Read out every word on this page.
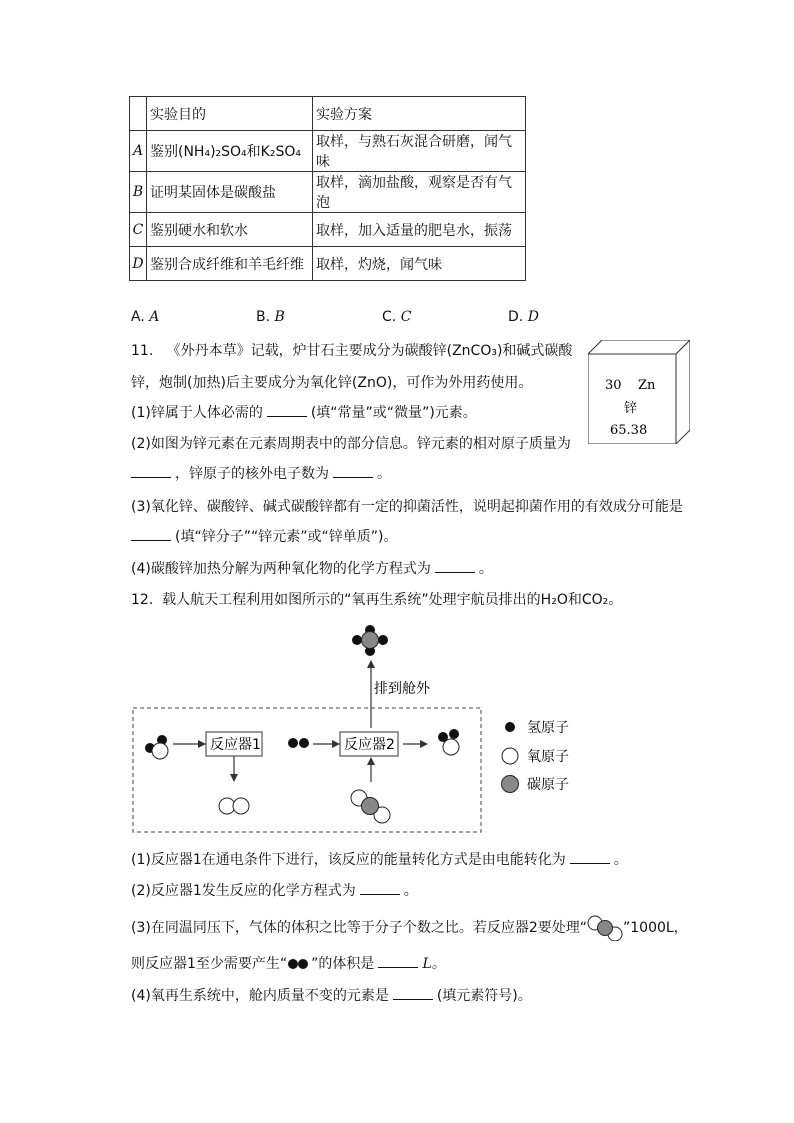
	实验目的	实验方案
A	鉴别(NH₄)₂SO₄和K₂SO₄	取样，与熟石灰混合研磨，闻气味
B	证明某固体是碳酸盐	取样，滴加盐酸，观察是否有气泡
C	鉴别硬水和软水	取样，加入适量的肥皂水，振荡
D	鉴别合成纤维和羊毛纤维	取样，灼烧，闻气味
A. A	B. B	C. C	D. D
11. 《外丹本草》记载，炉甘石主要成分为碳酸锌(ZnCO₃)和碱式碳酸
锌，炮制(加热)后主要成分为氧化锌(ZnO)，可作为外用药使用。
(1)锌属于人体必需的	(填“常量”或“微量”)元素。
(2)如图为锌元素在元素周期表中的部分信息。锌元素的相对原子质量为
，锌原子的核外电子数为	。
(3)氧化锌、碳酸锌、碱式碳酸锌都有一定的抑菌活性，说明起抑菌作用的有效成分可能是
(填“锌分子”“锌元素”或“锌单质”)。
(4)碳酸锌加热分解为两种氧化物的化学方程式为	。
30 Zn
锌
65.38
12. 载人航天工程利用如图所示的“氧再生系统”处理宇航员排出的H₂O和CO₂。
排到舱外
反应器1	反应器2
氢原子
氧原子
碳原子
(1)反应器1在通电条件下进行，该反应的能量转化方式是由电能转化为	。
(2)反应器1发生反应的化学方程式为	。
(3)在同温同压下，气体的体积之比等于分子个数之比。若反应器2要处理“	”1000L，
则反应器1至少需要产生“ ”的体积是	L。
(4)氧再生系统中，舱内质量不变的元素是	(填元素符号)。
